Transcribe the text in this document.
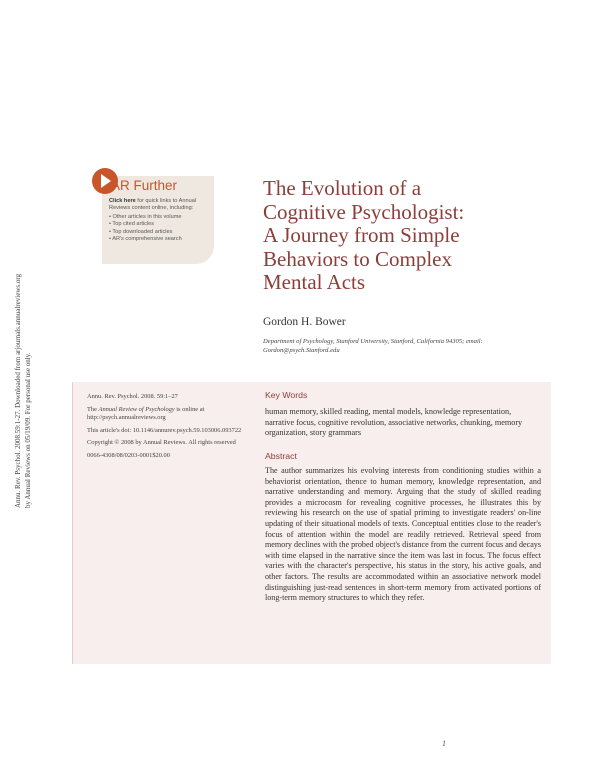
Annu. Rev. Psychol. 2008.59:1-27. Downloaded from arjournals.annualreviews.org by Annual Reviews on 05/19/09. For personal use only.
AR Further
Click here for quick links to Annual Reviews content online, including:
• Other articles in this volume
• Top cited articles
• Top downloaded articles
• AR's comprehensive search
The Evolution of a
Cognitive Psychologist:
A Journey from Simple
Behaviors to Complex
Mental Acts
Gordon H. Bower
Department of Psychology, Stanford University, Stanford, California 94305; email: Gordon@psych.Stanford.edu

Annu. Rev. Psychol. 2008. 59:1–27

The Annual Review of Psychology is online at http://psych.annualreviews.org

This article's doi: 10.1146/annurev.psych.59.103006.093722

Copyright © 2008 by Annual Reviews. All rights reserved

0066-4308/08/0203-0001$20.00

Key Words
human memory, skilled reading, mental models, knowledge representation, narrative focus, cognitive revolution, associative networks, chunking, memory organization, story grammars
Abstract
The author summarizes his evolving interests from conditioning studies within a behaviorist orientation, thence to human memory, knowledge representation, and narrative understanding and memory. Arguing that the study of skilled reading provides a microcosm for revealing cognitive processes, he illustrates this by reviewing his research on the use of spatial priming to investigate readers' on-line updating of their situational models of texts. Conceptual entities close to the reader's focus of attention within the model are readily retrieved. Retrieval speed from memory declines with the probed object's distance from the current focus and decays with time elapsed in the narrative since the item was last in focus. The focus effect varies with the character's perspective, his status in the story, his active goals, and other factors. The results are accommodated within an associative network model distinguishing just-read sentences in short-term memory from activated portions of long-term memory structures to which they refer.
1
